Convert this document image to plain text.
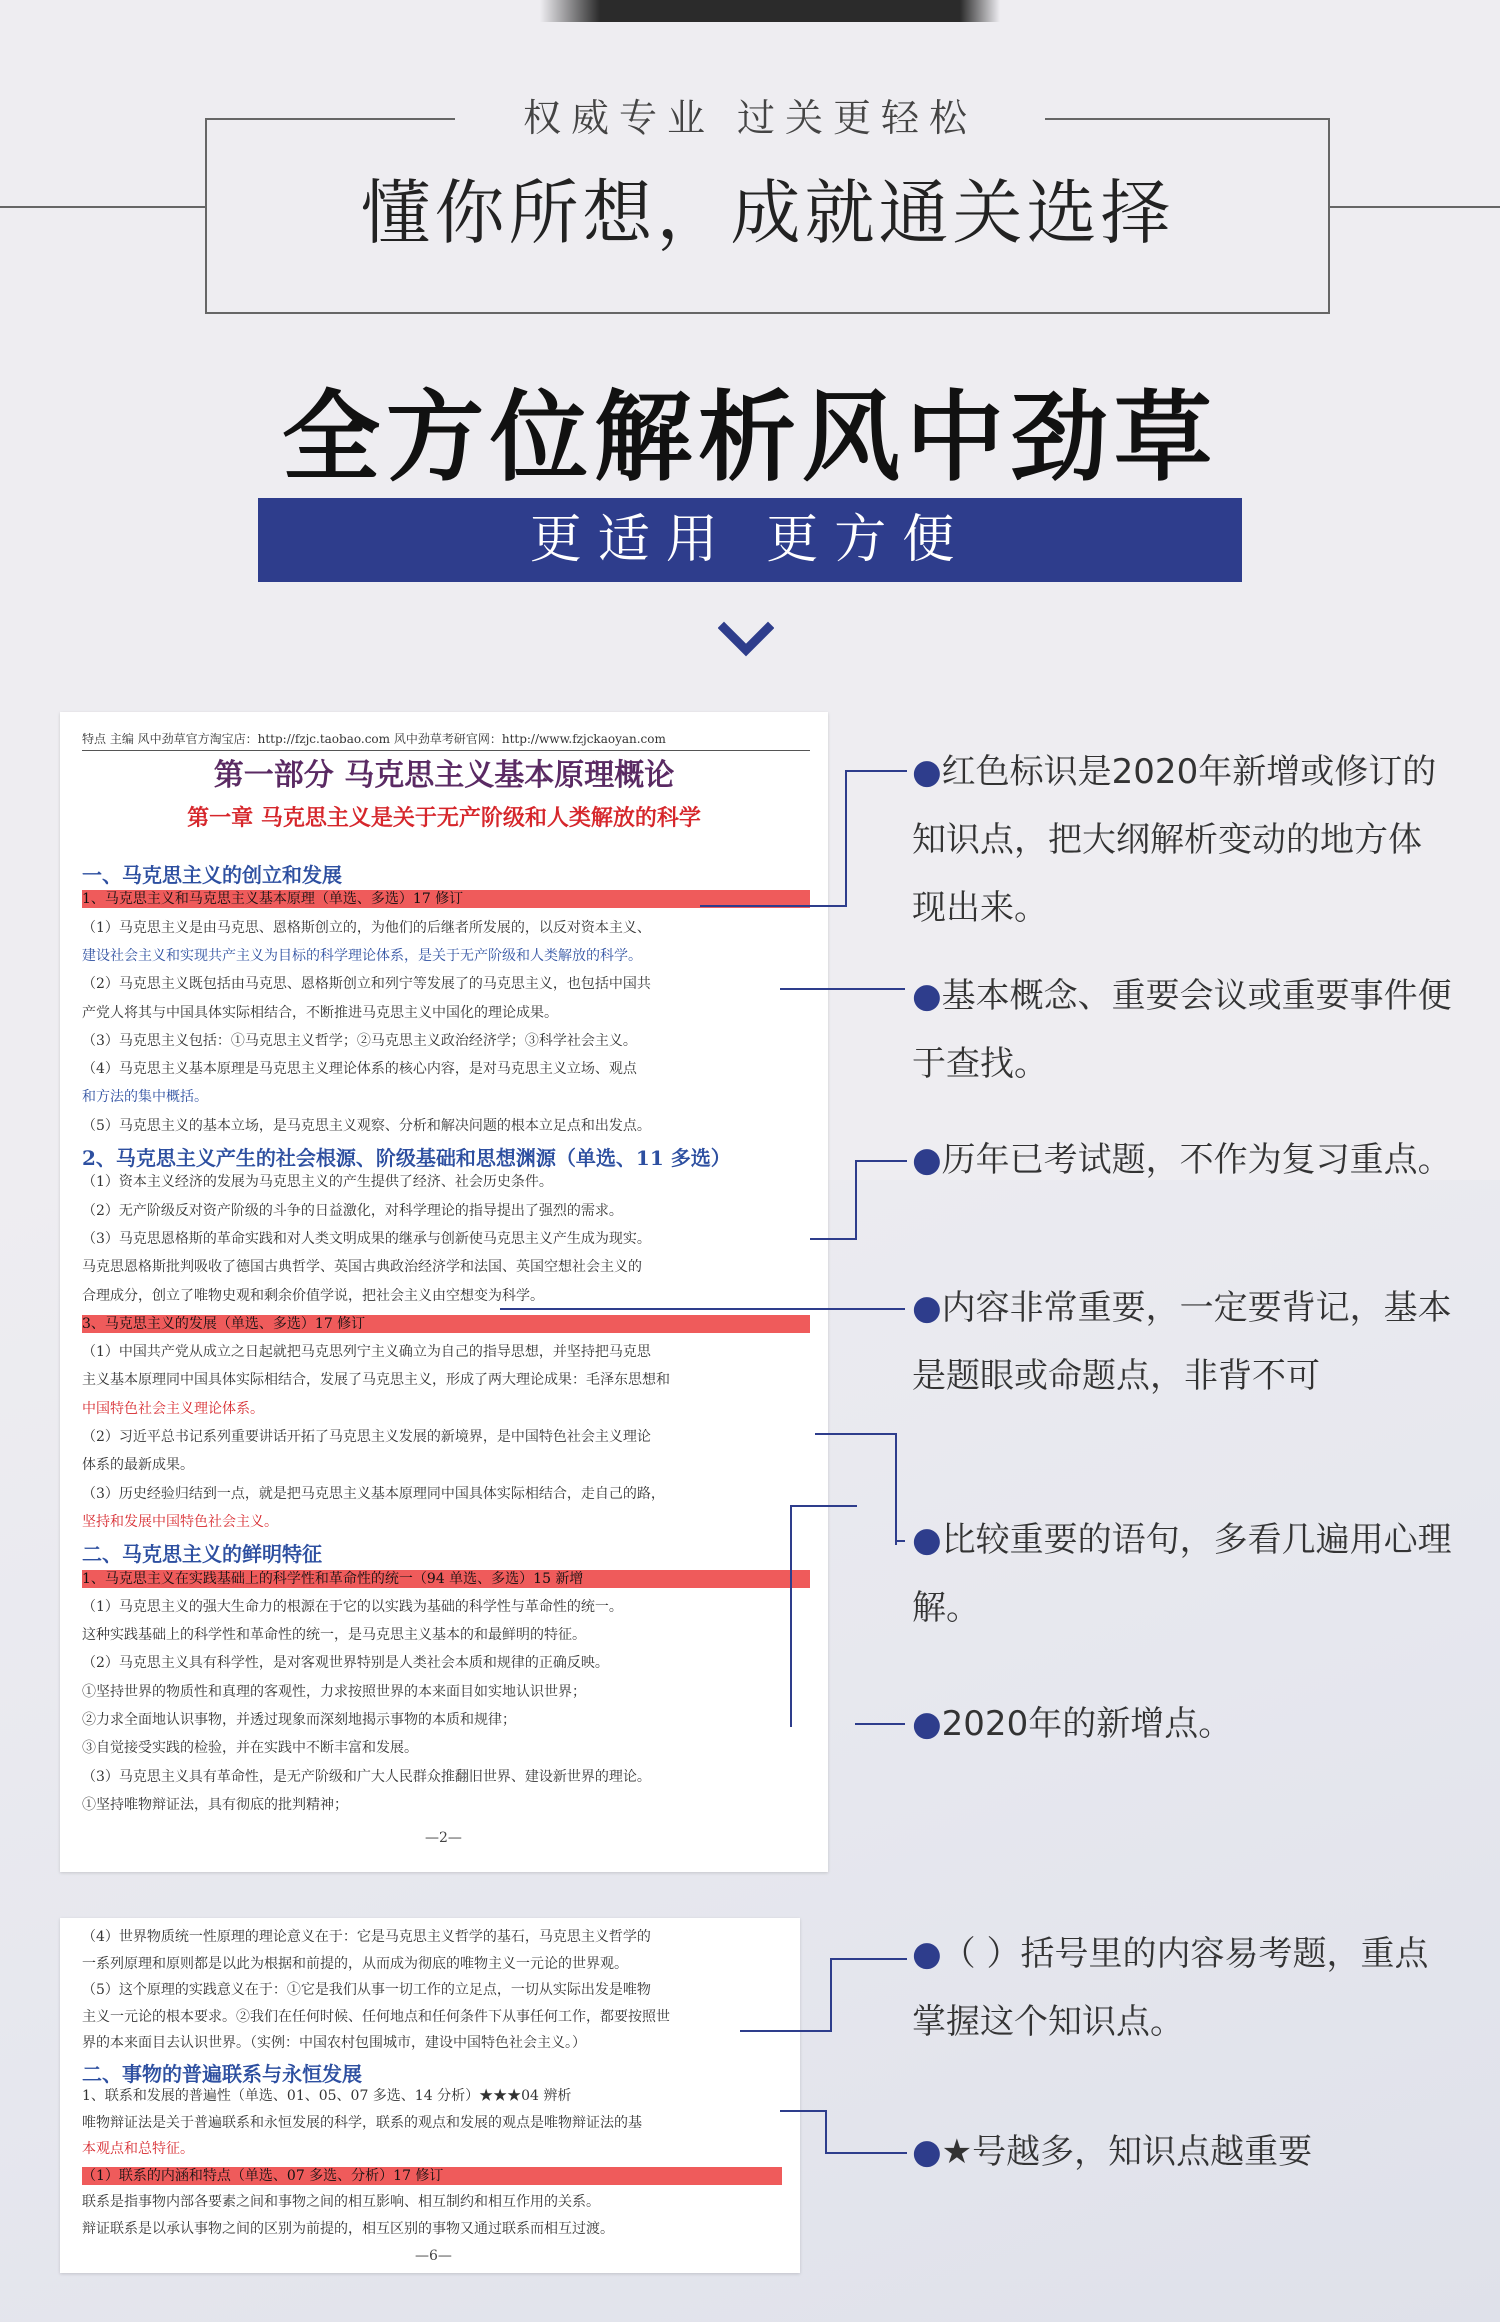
权威专业 过关更轻松
懂你所想，成就通关选择
全方位解析风中劲草
更适用 更方便
特点 主编 风中劲草官方淘宝店：http://fzjc.taobao.com 风中劲草考研官网：http://www.fzjckaoyan.com
第一部分 马克思主义基本原理概论
第一章 马克思主义是关于无产阶级和人类解放的科学
一、马克思主义的创立和发展
1、马克思主义和马克思主义基本原理（单选、多选）17 修订
（1）马克思主义是由马克思、恩格斯创立的，为他们的后继者所发展的，以反对资本主义、
建设社会主义和实现共产主义为目标的科学理论体系，是关于无产阶级和人类解放的科学。
（2）马克思主义既包括由马克思、恩格斯创立和列宁等发展了的马克思主义，也包括中国共
产党人将其与中国具体实际相结合，不断推进马克思主义中国化的理论成果。
（3）马克思主义包括：①马克思主义哲学；②马克思主义政治经济学；③科学社会主义。
（4）马克思主义基本原理是马克思主义理论体系的核心内容，是对马克思主义立场、观点
和方法的集中概括。
（5）马克思主义的基本立场，是马克思主义观察、分析和解决问题的根本立足点和出发点。
2、马克思主义产生的社会根源、阶级基础和思想渊源（单选、11 多选）
（1）资本主义经济的发展为马克思主义的产生提供了经济、社会历史条件。
（2）无产阶级反对资产阶级的斗争的日益激化，对科学理论的指导提出了强烈的需求。
（3）马克思恩格斯的革命实践和对人类文明成果的继承与创新使马克思主义产生成为现实。
马克思恩格斯批判吸收了德国古典哲学、英国古典政治经济学和法国、英国空想社会主义的
合理成分，创立了唯物史观和剩余价值学说，把社会主义由空想变为科学。
3、马克思主义的发展（单选、多选）17 修订
（1）中国共产党从成立之日起就把马克思列宁主义确立为自己的指导思想，并坚持把马克思
主义基本原理同中国具体实际相结合，发展了马克思主义，形成了两大理论成果：毛泽东思想和
中国特色社会主义理论体系。
（2）习近平总书记系列重要讲话开拓了马克思主义发展的新境界，是中国特色社会主义理论
体系的最新成果。
（3）历史经验归结到一点，就是把马克思主义基本原理同中国具体实际相结合，走自己的路，
坚持和发展中国特色社会主义。
二、马克思主义的鲜明特征
1、马克思主义在实践基础上的科学性和革命性的统一（94 单选、多选）15 新增
（1）马克思主义的强大生命力的根源在于它的以实践为基础的科学性与革命性的统一。
这种实践基础上的科学性和革命性的统一，是马克思主义基本的和最鲜明的特征。
（2）马克思主义具有科学性，是对客观世界特别是人类社会本质和规律的正确反映。
①坚持世界的物质性和真理的客观性，力求按照世界的本来面目如实地认识世界；
②力求全面地认识事物，并透过现象而深刻地揭示事物的本质和规律；
③自觉接受实践的检验，并在实践中不断丰富和发展。
（3）马克思主义具有革命性，是无产阶级和广大人民群众推翻旧世界、建设新世界的理论。
①坚持唯物辩证法，具有彻底的批判精神；
—2—
（4）世界物质统一性原理的理论意义在于：它是马克思主义哲学的基石，马克思主义哲学的
一系列原理和原则都是以此为根据和前提的，从而成为彻底的唯物主义一元论的世界观。
（5）这个原理的实践意义在于：①它是我们从事一切工作的立足点，一切从实际出发是唯物
主义一元论的根本要求。②我们在任何时候、任何地点和任何条件下从事任何工作，都要按照世
界的本来面目去认识世界。（实例：中国农村包围城市，建设中国特色社会主义。）
二、事物的普遍联系与永恒发展
1、联系和发展的普遍性（单选、01、05、07 多选、14 分析）★★★04 辨析
唯物辩证法是关于普遍联系和永恒发展的科学，联系的观点和发展的观点是唯物辩证法的基
本观点和总特征。
（1）联系的内涵和特点（单选、07 多选、分析）17 修订
联系是指事物内部各要素之间和事物之间的相互影响、相互制约和相互作用的关系。
辩证联系是以承认事物之间的区别为前提的，相互区别的事物又通过联系而相互过渡。
—6—
●红色标识是2020年新增或修订的知识点，把大纲解析变动的地方体现出来。
●基本概念、重要会议或重要事件便于查找。
●历年已考试题，不作为复习重点。
●内容非常重要，一定要背记，基本是题眼或命题点，非背不可
●比较重要的语句，多看几遍用心理解。
●2020年的新增点。
●（ ）括号里的内容易考题，重点掌握这个知识点。
●★号越多，知识点越重要
